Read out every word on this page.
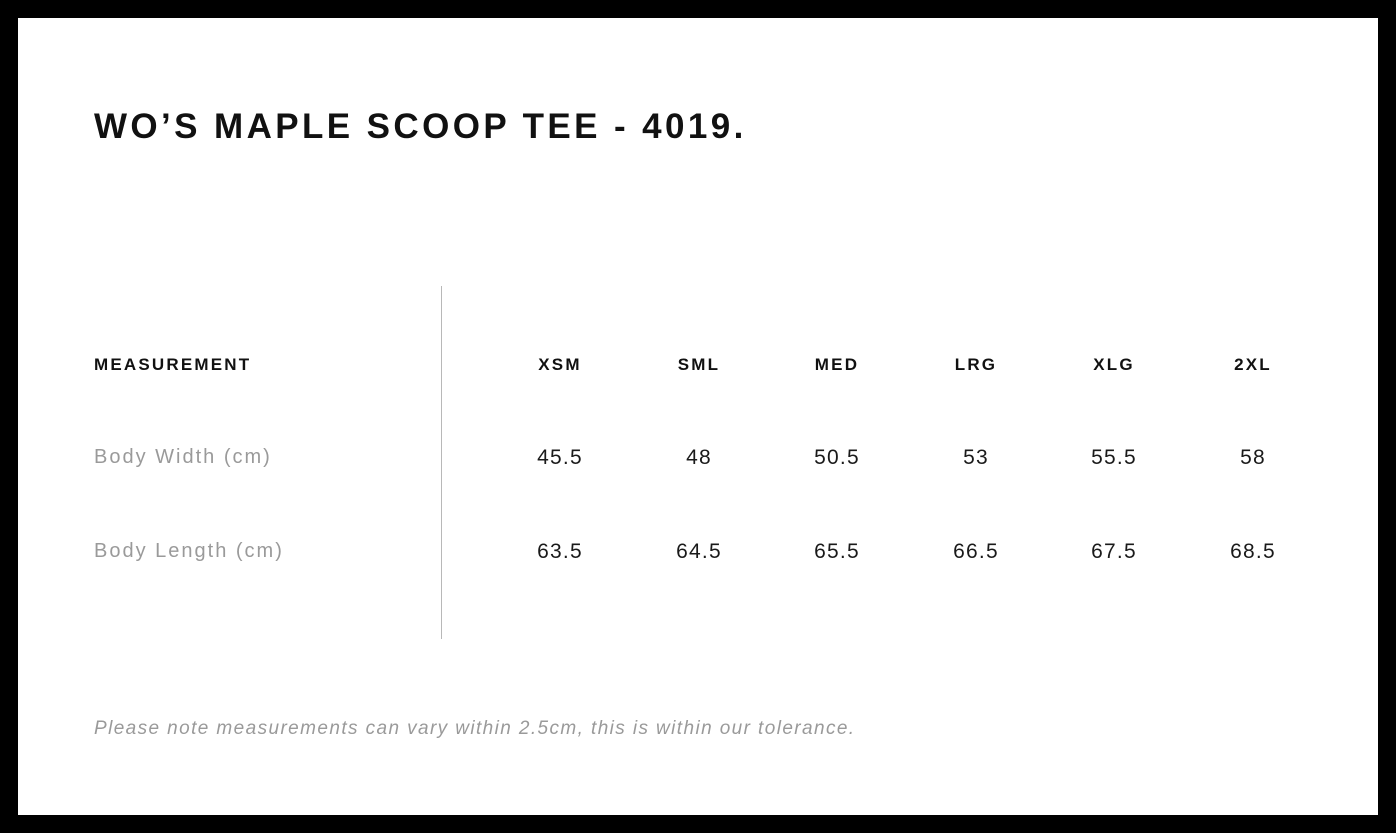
WO’S MAPLE SCOOP TEE - 4019.
MEASUREMENT	XSM	SML	MED	LRG	XLG	2XL
Body Width (cm)	45.5	48	50.5	53	55.5	58
Body Length (cm)	63.5	64.5	65.5	66.5	67.5	68.5
Please note measurements can vary within 2.5cm, this is within our tolerance.
